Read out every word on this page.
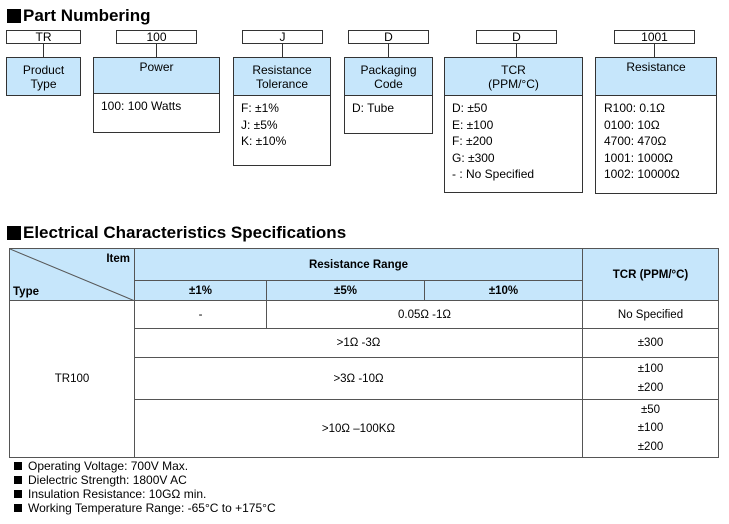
Part Numbering
TR
Product
Type
100
Power
100: 100 Watts
J
Resistance
Tolerance
F: ±1%
J: ±5%
K: ±10%
D
Packaging
Code
D: Tube
D
TCR
(PPM/°C)
D: ±50
E: ±100
F: ±200
G: ±300
- : No Specified
1001
Resistance
R100: 0.1Ω
0100: 10Ω
4700: 470Ω
1001: 1000Ω
1002: 10000Ω
Electrical Characteristics Specifications
Item
Type	Resistance Range			TCR (PPM/°C)
	±1%	±5%	±10%	
TR100	-	0.05Ω -1Ω		No Specified
	>1Ω -3Ω			±300
	>3Ω -10Ω			±100
±200

	>10Ω –100KΩ			±50
±100
±200
Operating Voltage: 700V Max.
Dielectric Strength: 1800V AC
Insulation Resistance: 10GΩ min.
Working Temperature Range: -65°C to +175°C
